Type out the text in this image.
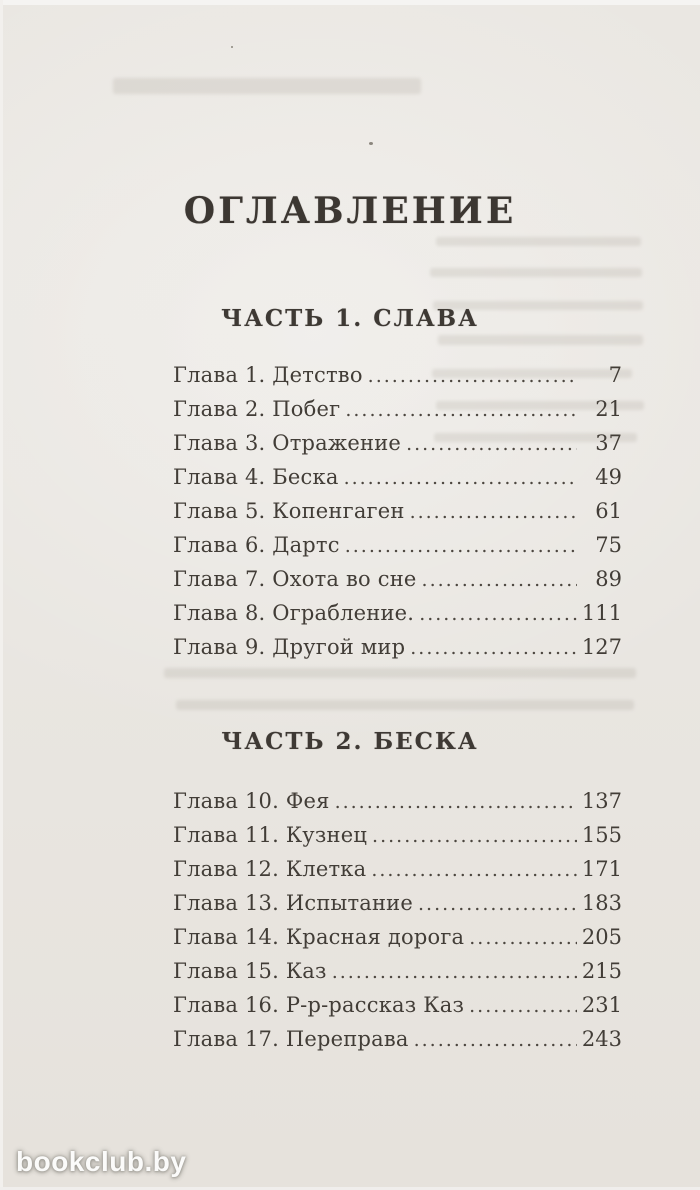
ОГЛАВЛЕНИЕ
ЧАСТЬ 1. СЛАВА
Глава 1. Детство .....	7
Глава 2. Побег .....	21
Глава 3. Отражение .....	37
Глава 4. Беска .....	49
Глава 5. Копенгаген .....	61
Глава 6. Дартс .....	75
Глава 7. Охота во сне .....	89
Глава 8. Ограбление. .....	111
Глава 9. Другой мир .....	127
ЧАСТЬ 2. БЕСКА
Глава 10. Фея .....	137
Глава 11. Кузнец .....	155
Глава 12. Клетка .....	171
Глава 13. Испытание .....	183
Глава 14. Красная дорога .....	205
Глава 15. Каз .....	215
Глава 16. Р-р-рассказ Каз .....	231
Глава 17. Переправа .....	243
bookclub.by
